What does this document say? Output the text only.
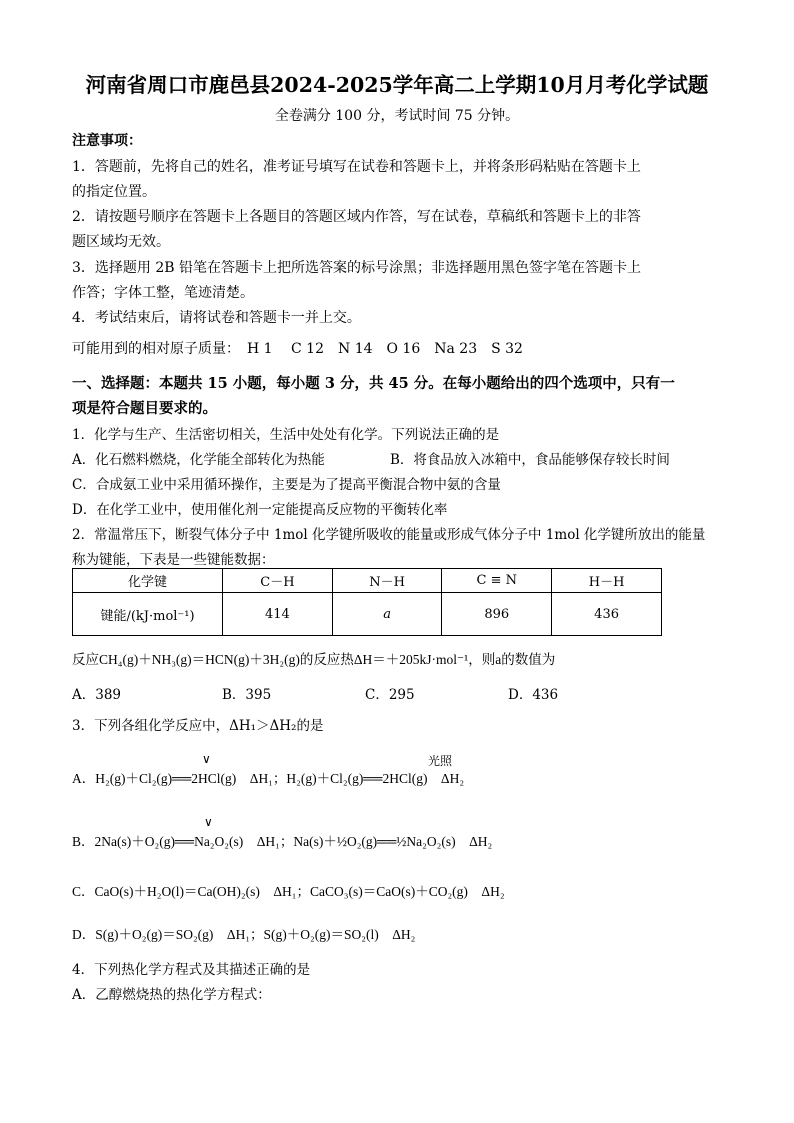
河南省周口市鹿邑县2024-2025学年高二上学期10月月考化学试题
全卷满分 100 分，考试时间 75 分钟。
注意事项：
1．答题前，先将自己的姓名，准考证号填写在试卷和答题卡上，并将条形码粘贴在答题卡上
的指定位置。
2．请按题号顺序在答题卡上各题目的答题区域内作答，写在试卷，草稿纸和答题卡上的非答
题区域均无效。
3．选择题用 2B 铅笔在答题卡上把所选答案的标号涂黑；非选择题用黑色签字笔在答题卡上
作答；字体工整，笔迹清楚。
4．考试结束后，请将试卷和答题卡一并上交。
可能用到的相对原子质量：　H 1　 C 12　N 14　O 16　Na 23　S 32
一、选择题：本题共 15 小题，每小题 3 分，共 45 分。在每小题给出的四个选项中，只有一
项是符合题目要求的。
1．化学与生产、生活密切相关，生活中处处有化学。下列说法正确的是
A．化石燃料燃烧，化学能全部转化为热能	B．将食品放入冰箱中，食品能够保存较长时间
C．合成氨工业中采用循环操作，主要是为了提高平衡混合物中氨的含量
D．在化学工业中，使用催化剂一定能提高反应物的平衡转化率
2．常温常压下，断裂气体分子中 1mol 化学键所吸收的能量或形成气体分子中 1mol 化学键所放出的能量
称为键能，下表是一些键能数据：
化学键	C－H	N－H	C ≡ N	H－H
键能/(kJ·mol⁻¹)	414	a	896	436
反应CH₄(g)＋NH₃(g)＝HCN(g)＋3H₂(g)的反应热ΔH＝＋205kJ·mol⁻¹，则a的数值为
A．389	B．395	C．295	D．436
3．下列各组化学反应中，ΔH₁＞ΔH₂的是
A．H₂(g)＋Cl₂(g)══2HCl(g)　ΔH₁；H₂(g)＋Cl₂(g)══2HCl(g)　ΔH₂
∨	光照
B．2Na(s)＋O₂(g)══Na₂O₂(s)　ΔH₁；Na(s)＋½O₂(g)══½Na₂O₂(s)　ΔH₂
∨
C．CaO(s)＋H₂O(l)＝Ca(OH)₂(s)　ΔH₁；CaCO₃(s)＝CaO(s)＋CO₂(g)　ΔH₂
D．S(g)＋O₂(g)＝SO₂(g)　ΔH₁；S(g)＋O₂(g)＝SO₂(l)　ΔH₂
4．下列热化学方程式及其描述正确的是
A．乙醇燃烧热的热化学方程式：
